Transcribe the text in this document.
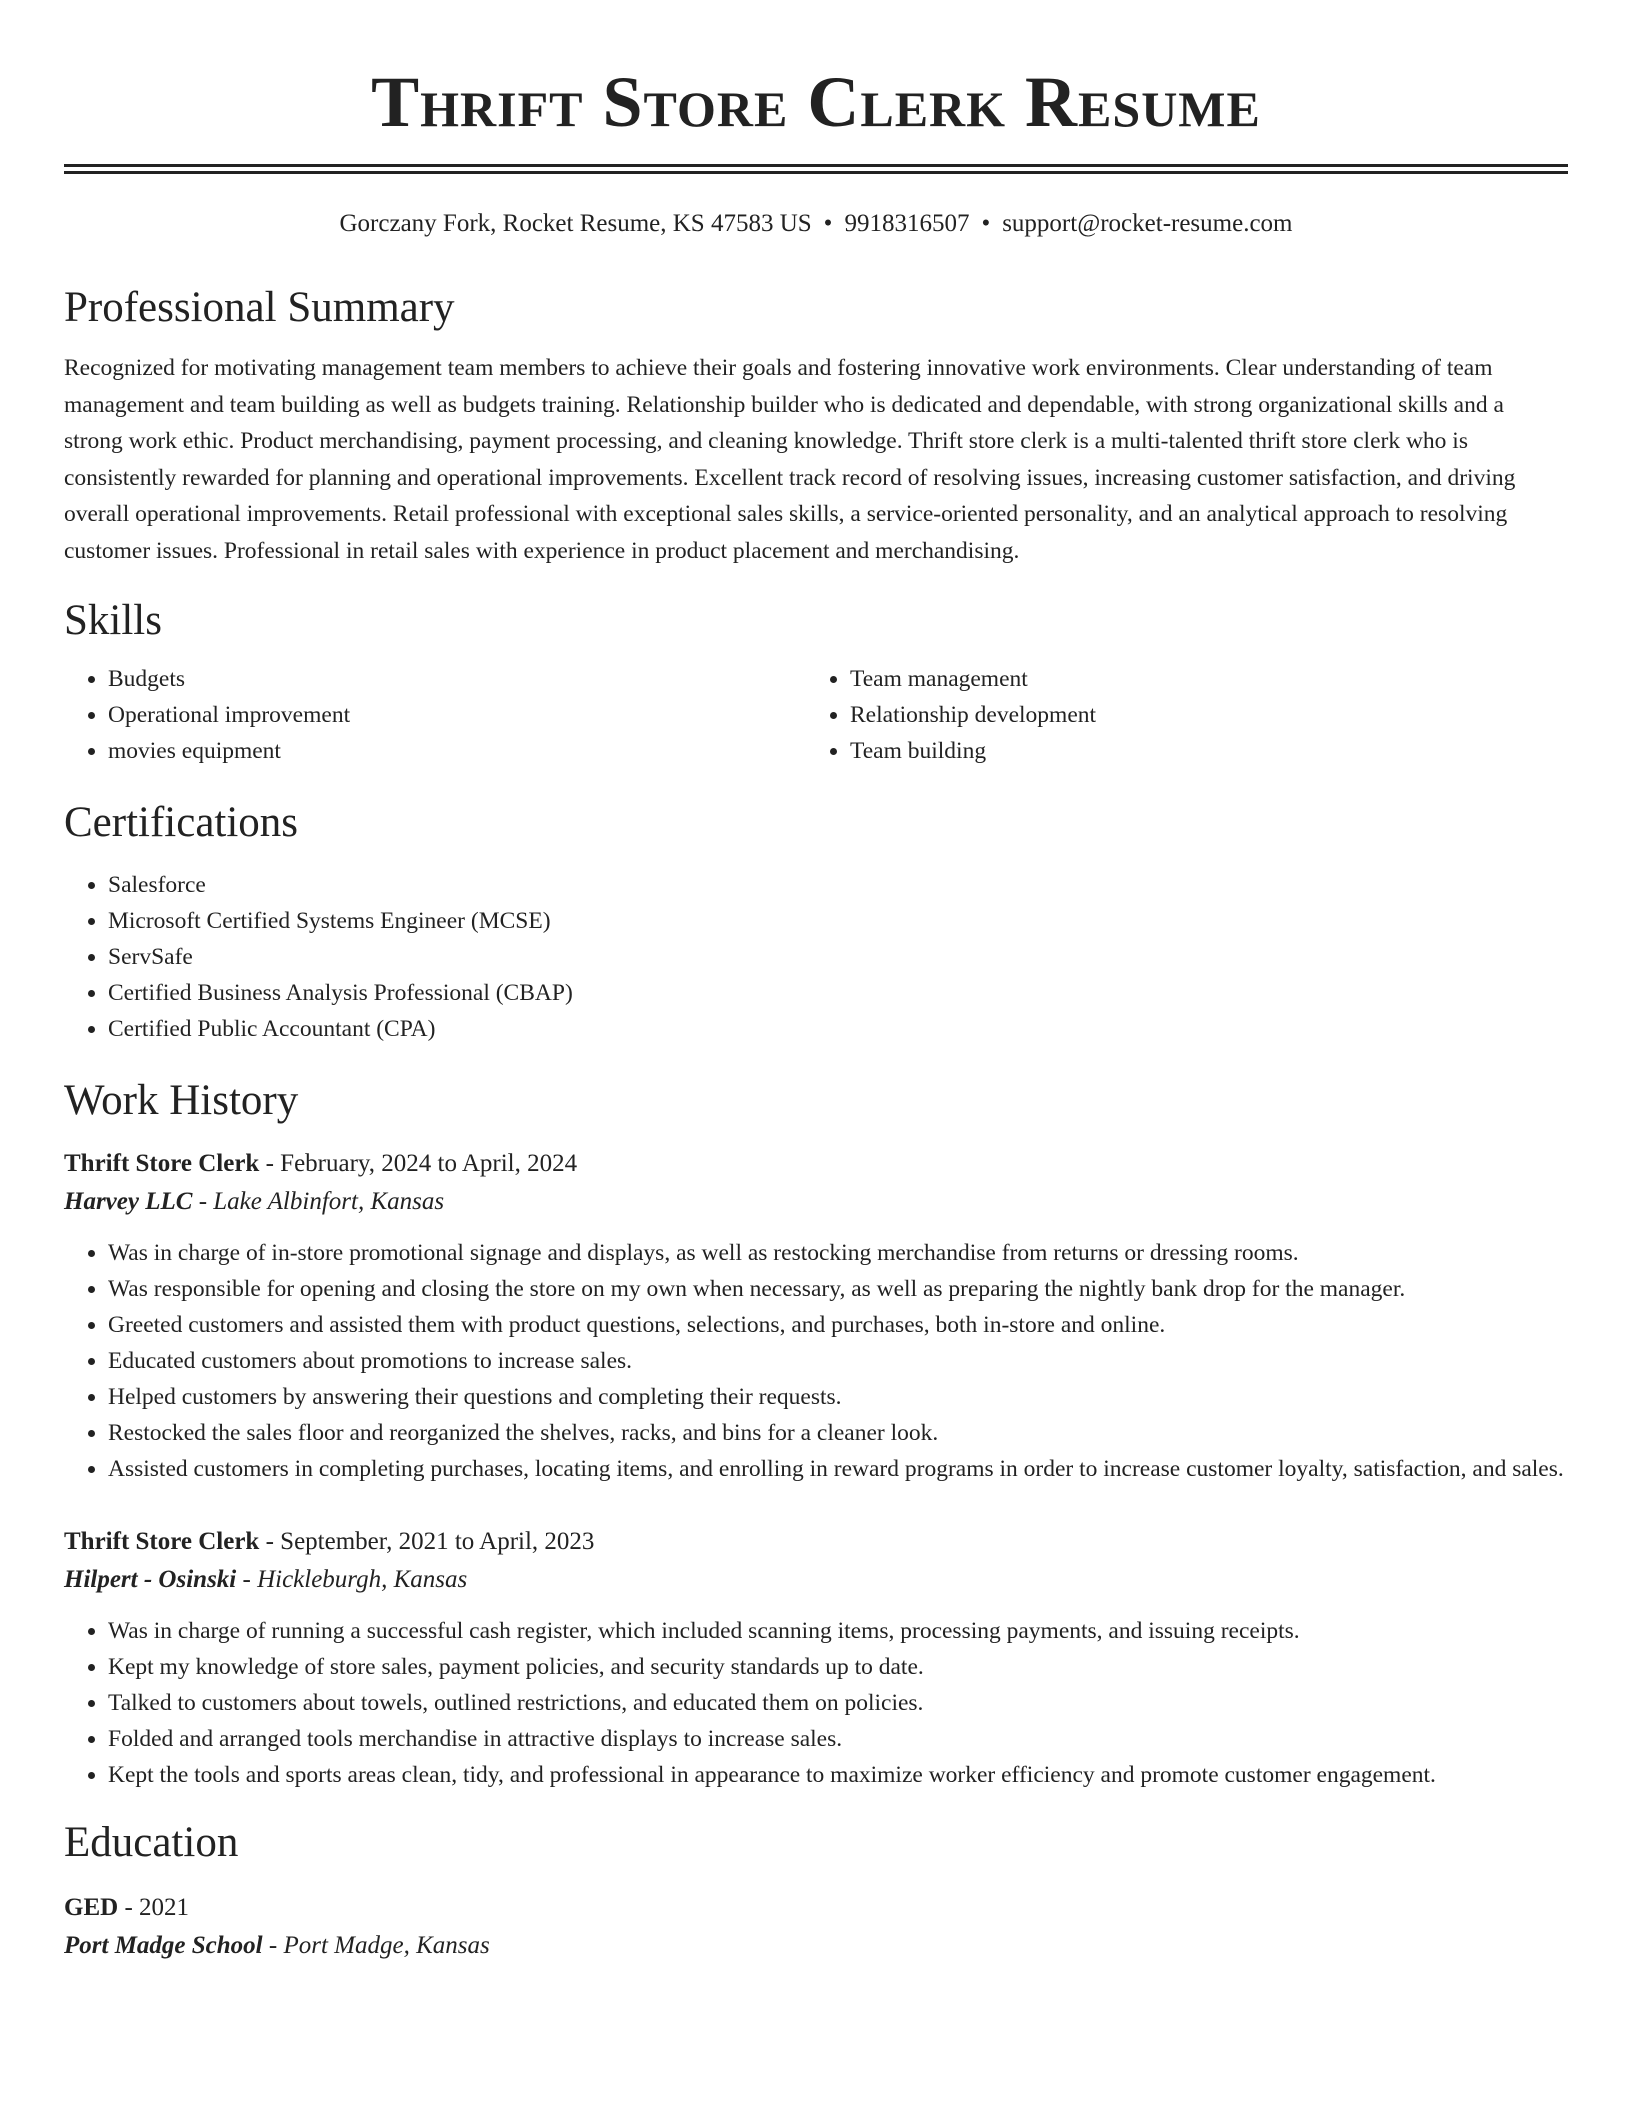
Thrift Store Clerk Resume
Gorczany Fork, Rocket Resume, KS 47583 US • 9918316507 • support@rocket-resume.com
Professional Summary

Recognized for motivating management team members to achieve their goals and fostering innovative work environments. Clear understanding of team management and team building as well as budgets training. Relationship builder who is dedicated and dependable, with strong organizational skills and a strong work ethic. Product merchandising, payment processing, and cleaning knowledge. Thrift store clerk is a multi-talented thrift store clerk who is consistently rewarded for planning and operational improvements. Excellent track record of resolving issues, increasing customer satisfaction, and driving overall operational improvements. Retail professional with exceptional sales skills, a service-oriented personality, and an analytical approach to resolving customer issues. Professional in retail sales with experience in product placement and merchandising.

Skills
• Budgets
• Operational improvement
• movies equipment
• Team management
• Relationship development
• Team building
Certifications
• Salesforce
• Microsoft Certified Systems Engineer (MCSE)
• ServSafe
• Certified Business Analysis Professional (CBAP)
• Certified Public Accountant (CPA)
Work History
Thrift Store Clerk - February, 2024 to April, 2024
Harvey LLC - Lake Albinfort, Kansas
• Was in charge of in-store promotional signage and displays, as well as restocking merchandise from returns or dressing rooms.
• Was responsible for opening and closing the store on my own when necessary, as well as preparing the nightly bank drop for the manager.
• Greeted customers and assisted them with product questions, selections, and purchases, both in-store and online.
• Educated customers about promotions to increase sales.
• Helped customers by answering their questions and completing their requests.
• Restocked the sales floor and reorganized the shelves, racks, and bins for a cleaner look.
• Assisted customers in completing purchases, locating items, and enrolling in reward programs in order to increase customer loyalty, satisfaction, and sales.
Thrift Store Clerk - September, 2021 to April, 2023
Hilpert - Osinski - Hickleburgh, Kansas
• Was in charge of running a successful cash register, which included scanning items, processing payments, and issuing receipts.
• Kept my knowledge of store sales, payment policies, and security standards up to date.
• Talked to customers about towels, outlined restrictions, and educated them on policies.
• Folded and arranged tools merchandise in attractive displays to increase sales.
• Kept the tools and sports areas clean, tidy, and professional in appearance to maximize worker efficiency and promote customer engagement.
Education
GED - 2021
Port Madge School - Port Madge, Kansas
